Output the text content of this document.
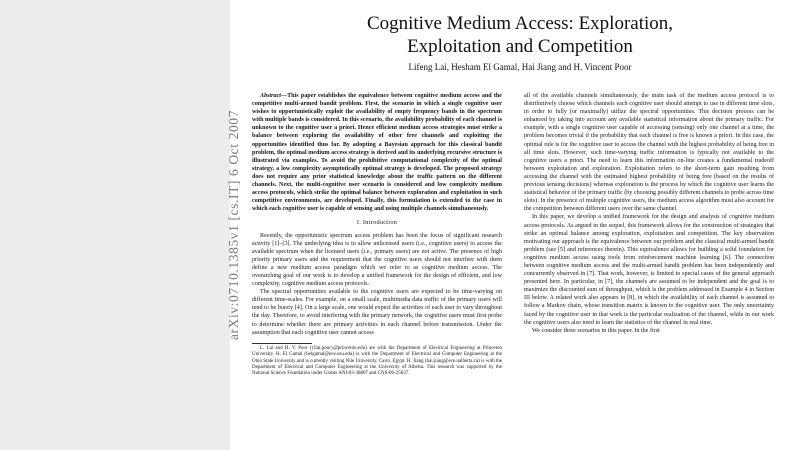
arXiv:0710.1385v1 [cs.IT] 6 Oct 2007
Cognitive Medium Access: Exploration,
Exploitation and Competition
Lifeng Lai, Hesham El Gamal, Hai Jiang and H. Vincent Poor

Abstract—This paper establishes the equivalence between cognitive medium access and the competitive multi-armed bandit problem. First, the scenario in which a single cognitive user wishes to opportunistically exploit the availability of empty frequency bands in the spectrum with multiple bands is considered. In this scenario, the availability probability of each channel is unknown to the cognitive user a priori. Hence efficient medium access strategies must strike a balance between exploring the availability of other free channels and exploiting the opportunities identified thus far. By adopting a Bayesian approach for this classical bandit problem, the optimal medium access strategy is derived and its underlying recursive structure is illustrated via examples. To avoid the prohibitive computational complexity of the optimal strategy, a low complexity asymptotically optimal strategy is developed. The proposed strategy does not require any prior statistical knowledge about the traffic pattern on the different channels. Next, the multi-cognitive user scenario is considered and low complexity medium access protocols, which strike the optimal balance between exploration and exploitation in such competitive environments, are developed. Finally, this formulation is extended to the case in which each cognitive user is capable of sensing and using multiple channels simultaneously.

I. Introduction

Recently, the opportunistic spectrum access problem has been the focus of significant research activity [1]–[3]. The underlying idea is to allow unlicensed users (i.e., cognitive users) to access the available spectrum when the licensed users (i.e., primary users) are not active. The presence of high priority primary users and the requirement that the cognitive users should not interfere with them define a new medium access paradigm which we refer to as cognitive medium access. The overarching goal of our work is to develop a unified framework for the design of efficient, and low complexity, cognitive medium access protocols.

The spectral opportunities available to the cognitive users are expected to be time-varying on different time-scales. For example, on a small scale, multimedia data traffic of the primary users will tend to be bursty [4]. On a large scale, one would expect the activities of each user to vary throughout the day. Therefore, to avoid interfering with the primary network, the cognitive users must first probe to determine whether there are primary activities in each channel before transmission. Under the assumption that each cognitive user cannot access

L. Lai and H. V. Poor ({llai,poor}@princeton.edu) are with the Department of Electrical Engineering at Princeton University. H. El Gamal (helgamal@ece.osu.edu) is with the Department of Electrical and Computer Engineering at the Ohio State University and is currently visiting Nile University, Cairo, Egypt. H. Jiang (hai.jiang@ece.ualberta.ca) is with the Department of Electrical and Computer Engineering at the University of Alberta. This research was supported by the National Science Foundation under Grants ANI-03-38807 and CNS-06-25637.

all of the available channels simultaneously, the main task of the medium access protocol is to distributively choose which channels each cognitive user should attempt to use in different time slots, in order to fully (or maximally) utilize the spectral opportunities. This decision process can be enhanced by taking into account any available statistical information about the primary traffic. For example, with a single cognitive user capable of accessing (sensing) only one channel at a time, the problem becomes trivial if the probability that each channel is free is known a priori. In this case, the optimal rule is for the cognitive user to access the channel with the highest probability of being free in all time slots. However, such time-varying traffic information is typically not available to the cognitive users a priori. The need to learn this information on-line creates a fundamental tradeoff between exploitation and exploration. Exploitation refers to the short-term gain resulting from accessing the channel with the estimated highest probability of being free (based on the results of previous sensing decisions) whereas exploration is the process by which the cognitive user learns the statistical behavior of the primary traffic (by choosing possibly different channels to probe across time slots). In the presence of multiple cognitive users, the medium access algorithm must also account for the competition between different users over the same channel.

In this paper, we develop a unified framework for the design and analysis of cognitive medium access protocols. As argued in the sequel, this framework allows for the construction of strategies that strike an optimal balance among exploration, exploitation and competition. The key observation motivating our approach is the equivalence between our problem and the classical multi-armed bandit problem (see [5] and references therein). This equivalence allows for building a solid foundation for cognitive medium access using tools from reinforcement machine learning [6]. The connection between cognitive medium access and the multi-armed bandit problem has been independently and concurrently observed in [7]. That work, however, is limited to special cases of the general approach presented here. In particular, in [7], the channels are assumed to be independent and the goal is to maximize the discounted sum of throughput, which is the problem addressed in Example 4 in Section III below. A related work also appears in [8], in which the availability of each channel is assumed to follow a Markov chain, whose transition matrix is known to the cognitive user. The only uncertainty faced by the cognitive user in that work is the particular realization of the channel, while in our work the cognitive users also need to learn the statistics of the channel in real time.

We consider three scenarios in this paper. In the first
